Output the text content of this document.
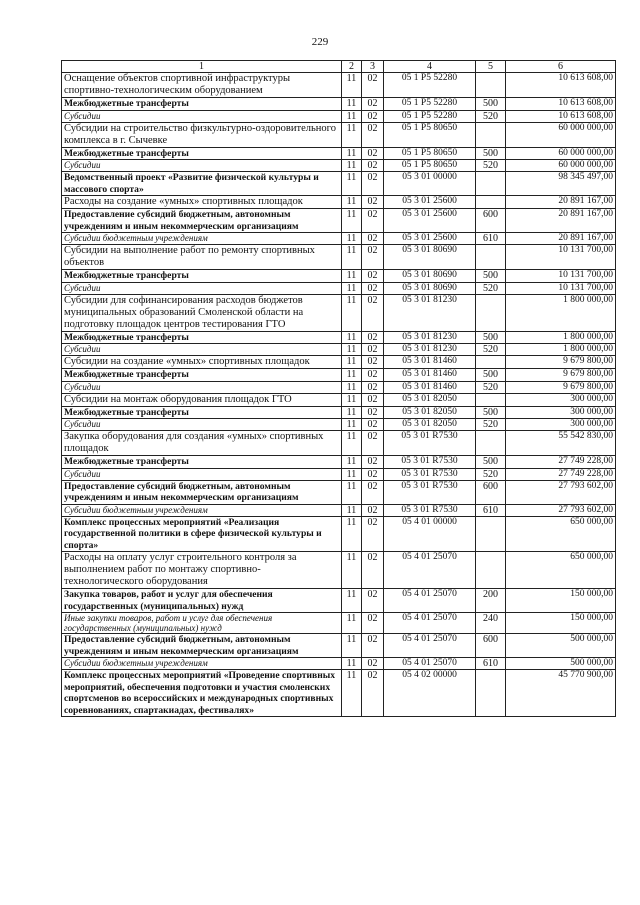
229
1	2	3	4	5	6
Оснащение объектов спортивной инфраструктуры спортивно-технологическим оборудованием	11	02	05 1 Р5 52280		10 613 608,00
Межбюджетные трансферты	11	02	05 1 Р5 52280	500	10 613 608,00
Субсидии	11	02	05 1 Р5 52280	520	10 613 608,00
Субсидии на строительство физкультурно-оздоровительного комплекса в г. Сычевке	11	02	05 1 Р5 80650		60 000 000,00
Межбюджетные трансферты	11	02	05 1 Р5 80650	500	60 000 000,00
Субсидии	11	02	05 1 Р5 80650	520	60 000 000,00
Ведомственный проект «Развитие физической культуры и массового спорта»	11	02	05 3 01 00000		98 345 497,00
Расходы на создание «умных» спортивных площадок	11	02	05 3 01 25600		20 891 167,00
Предоставление субсидий бюджетным, автономным учреждениям и иным некоммерческим организациям	11	02	05 3 01 25600	600	20 891 167,00
Субсидии бюджетным учреждениям	11	02	05 3 01 25600	610	20 891 167,00
Субсидии на выполнение работ по ремонту спортивных объектов	11	02	05 3 01 80690		10 131 700,00
Межбюджетные трансферты	11	02	05 3 01 80690	500	10 131 700,00
Субсидии	11	02	05 3 01 80690	520	10 131 700,00
Субсидии для софинансирования расходов бюджетов муниципальных образований Смоленской области на подготовку площадок центров тестирования ГТО	11	02	05 3 01 81230		1 800 000,00
Межбюджетные трансферты	11	02	05 3 01 81230	500	1 800 000,00
Субсидии	11	02	05 3 01 81230	520	1 800 000,00
Субсидии на создание «умных» спортивных площадок	11	02	05 3 01 81460		9 679 800,00
Межбюджетные трансферты	11	02	05 3 01 81460	500	9 679 800,00
Субсидии	11	02	05 3 01 81460	520	9 679 800,00
Субсидии на монтаж оборудования площадок ГТО	11	02	05 3 01 82050		300 000,00
Межбюджетные трансферты	11	02	05 3 01 82050	500	300 000,00
Субсидии	11	02	05 3 01 82050	520	300 000,00
Закупка оборудования для создания «умных» спортивных площадок	11	02	05 3 01 R7530		55 542 830,00
Межбюджетные трансферты	11	02	05 3 01 R7530	500	27 749 228,00
Субсидии	11	02	05 3 01 R7530	520	27 749 228,00
Предоставление субсидий бюджетным, автономным учреждениям и иным некоммерческим организациям	11	02	05 3 01 R7530	600	27 793 602,00
Субсидии бюджетным учреждениям	11	02	05 3 01 R7530	610	27 793 602,00
Комплекс процессных мероприятий «Реализация государственной политики в сфере физической культуры и спорта»	11	02	05 4 01 00000		650 000,00
Расходы на оплату услуг строительного контроля за выполнением работ по монтажу спортивно-технологического оборудования	11	02	05 4 01 25070		650 000,00
Закупка товаров, работ и услуг для обеспечения государственных (муниципальных) нужд	11	02	05 4 01 25070	200	150 000,00
Иные закупки товаров, работ и услуг для обеспечения государственных (муниципальных) нужд	11	02	05 4 01 25070	240	150 000,00
Предоставление субсидий бюджетным, автономным учреждениям и иным некоммерческим организациям	11	02	05 4 01 25070	600	500 000,00
Субсидии бюджетным учреждениям	11	02	05 4 01 25070	610	500 000,00
Комплекс процессных мероприятий «Проведение спортивных мероприятий, обеспечения подготовки и участия смоленских спортсменов во всероссийских и международных спортивных соревнованиях, спартакиадах, фестивалях»	11	02	05 4 02 00000		45 770 900,00
